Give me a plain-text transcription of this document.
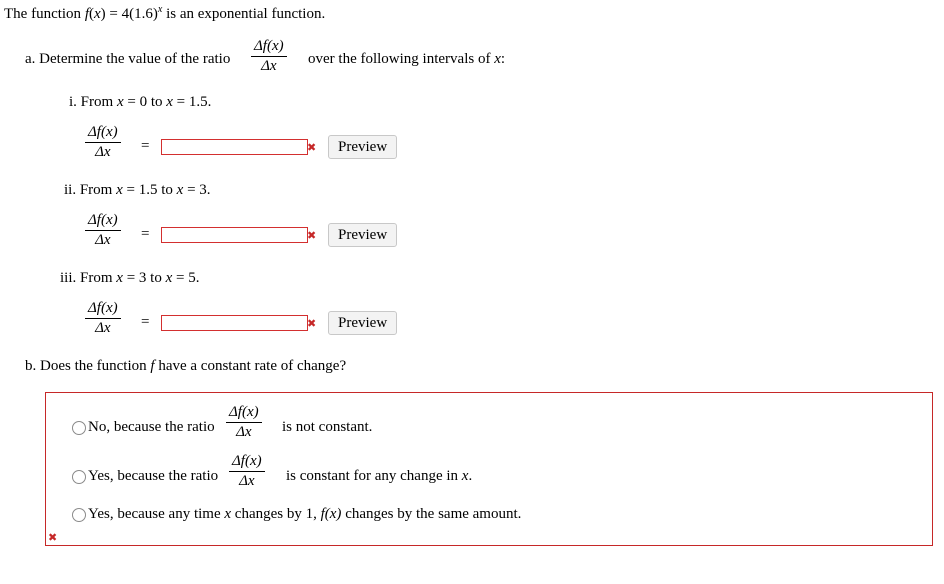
The function $f(x) = 4(1.6)^x$ is an exponential function.
a. Determine the value of the ratio
Δf(x)
Δx over the following intervals of x:
i. From x = 0 to x = 1.5.
Δf(x)
Δx =	✖	Preview
ii. From x = 1.5 to x = 3.
Δf(x)
Δx =	✖	Preview
iii. From x = 3 to x = 5.
Δf(x)
Δx =	✖	Preview
b. Does the function f have a constant rate of change?
No, because the ratio
Δf(x)
Δx is not constant.
Yes, because the ratio
Δf(x)
Δx is constant for any change in x.
Yes, because any time x changes by 1, f(x) changes by the same amount.
✖
